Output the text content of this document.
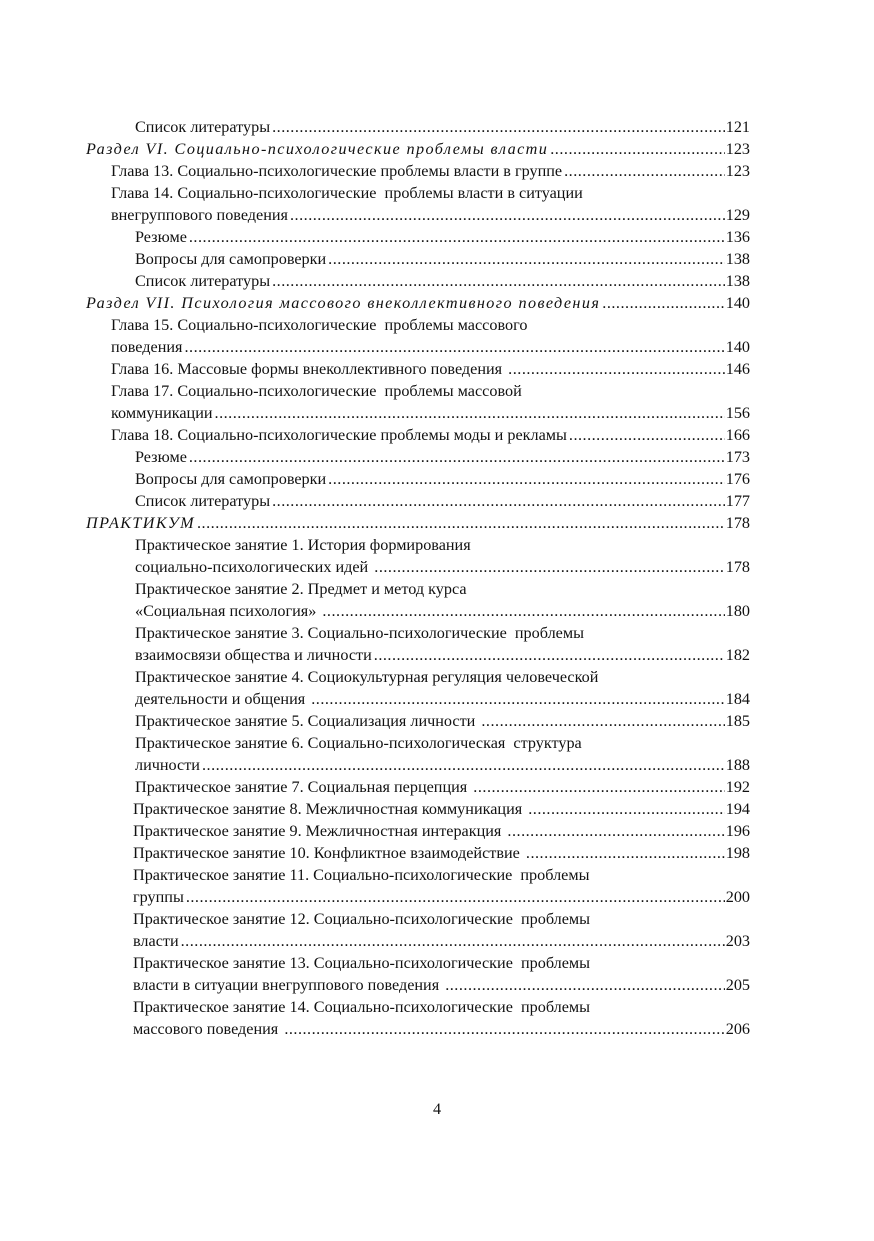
Список литературы .....	121
Раздел VI. Социально-психологические проблемы власти .....	123
Глава 13. Социально-психологические проблемы власти в группе .....	123
Глава 14. Социально-психологические  проблемы власти в ситуации
внегруппового поведения .....	129
Резюме .....	136
Вопросы для самопроверки .....	138
Список литературы .....	138
Раздел VII. Психология массового внеколлективного поведения .....	140
Глава 15. Социально-психологические  проблемы массового
поведения .....	140
Глава 16. Массовые формы внеколлективного поведения .....	146
Глава 17. Социально-психологические  проблемы массовой
коммуникации .....	156
Глава 18. Социально-психологические проблемы моды и рекламы .....	166
Резюме .....	173
Вопросы для самопроверки .....	176
Список литературы .....	177
ПРАКТИКУМ .....	178
Практическое занятие 1. История формирования
социально-психологических идей .....	178
Практическое занятие 2. Предмет и метод курса
«Социальная психология» .....	180
Практическое занятие 3. Социально-психологические  проблемы
взаимосвязи общества и личности .....	182
Практическое занятие 4. Социокультурная регуляция человеческой
деятельности и общения .....	184
Практическое занятие 5. Социализация личности .....	185
Практическое занятие 6. Социально-психологическая  структура
личности .....	188
Практическое занятие 7. Социальная перцепция .....	192
Практическое занятие 8. Межличностная коммуникация .....	194
Практическое занятие 9. Межличностная интеракция .....	196
Практическое занятие 10. Конфликтное взаимодействие .....	198
Практическое занятие 11. Социально-психологические  проблемы
группы .....	200
Практическое занятие 12. Социально-психологические  проблемы
власти .....	203
Практическое занятие 13. Социально-психологические  проблемы
власти в ситуации внегруппового поведения .....	205
Практическое занятие 14. Социально-психологические  проблемы
массового поведения .....	206
4
